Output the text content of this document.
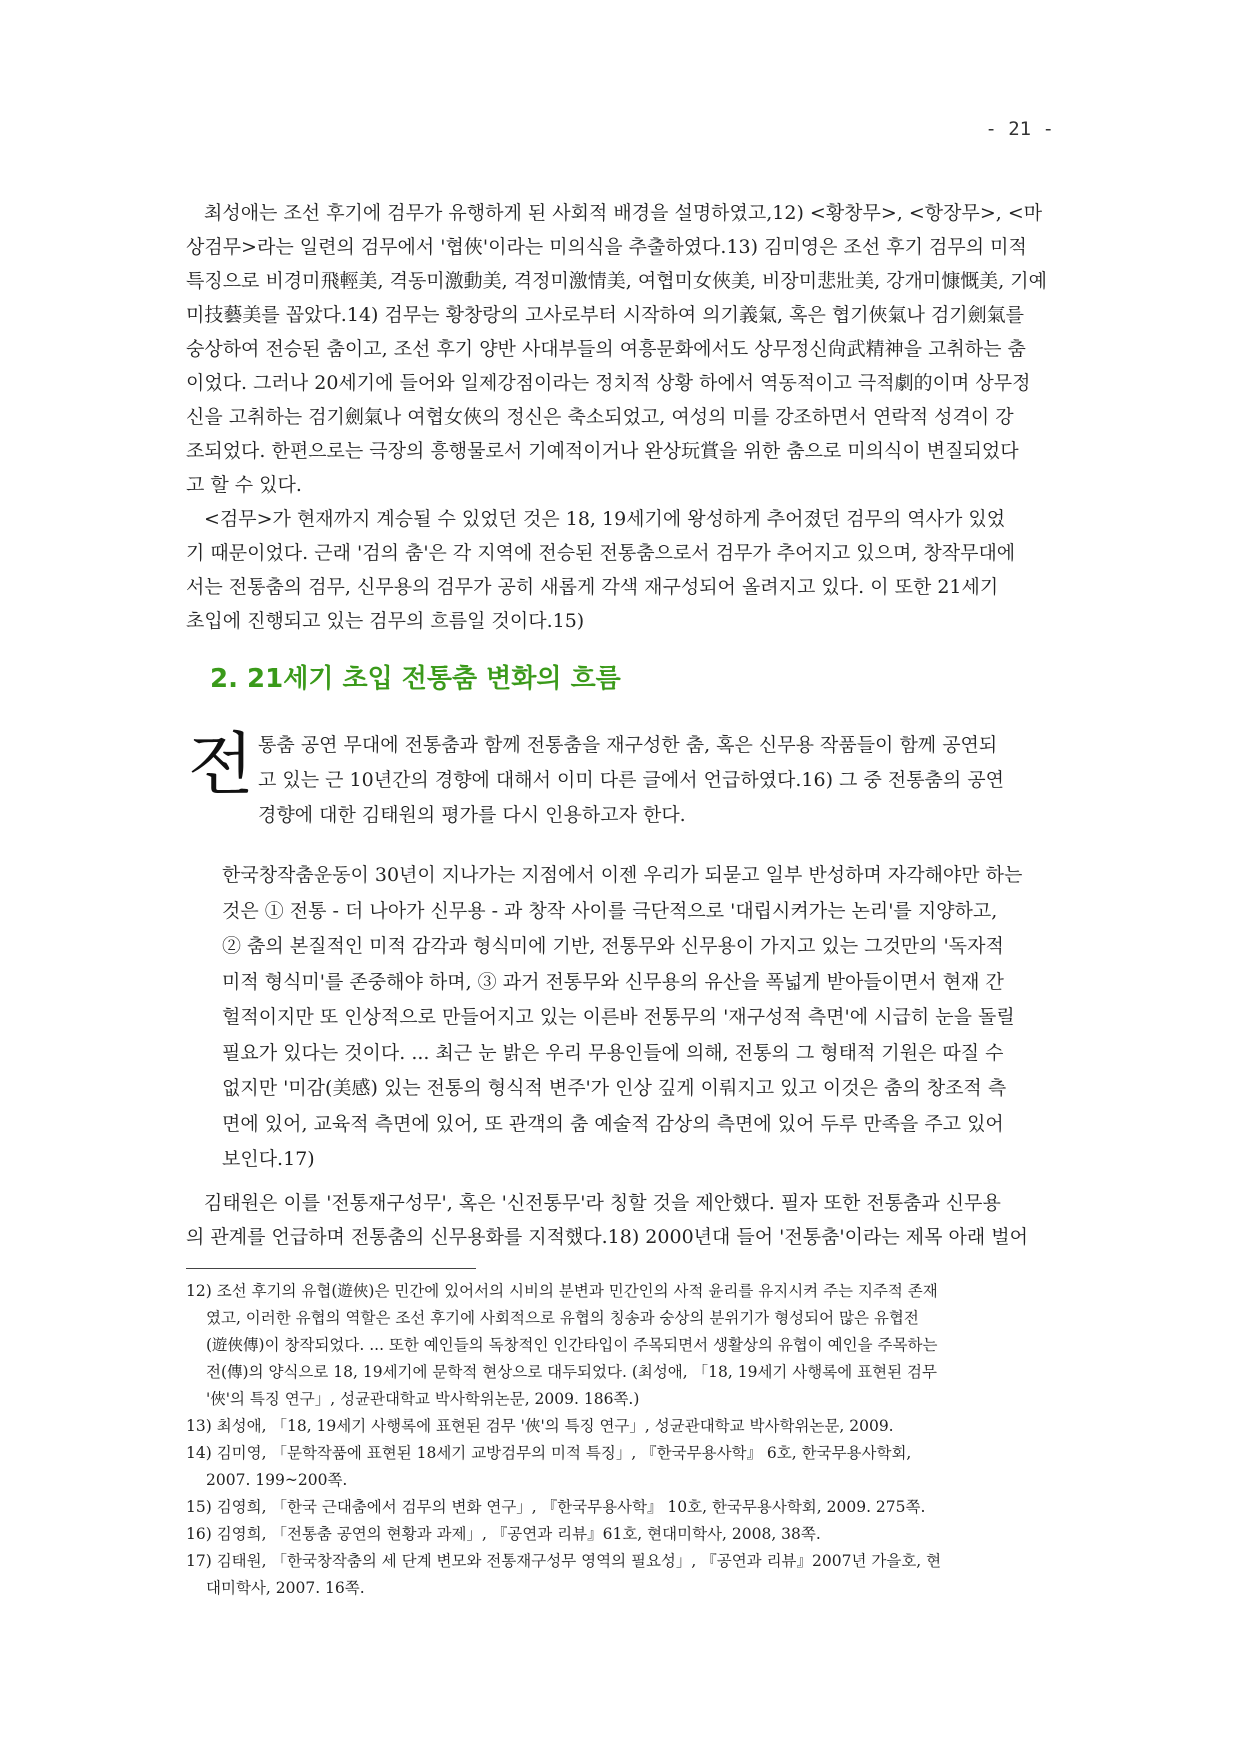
- 21 -
최성애는 조선 후기에 검무가 유행하게 된 사회적 배경을 설명하였고,12) <황창무>, <항장무>, <마
상검무>라는 일련의 검무에서 '협俠'이라는 미의식을 추출하였다.13) 김미영은 조선 후기 검무의 미적
특징으로 비경미飛輕美, 격동미激動美, 격정미激情美, 여협미女俠美, 비장미悲壯美, 강개미慷慨美, 기예
미技藝美를 꼽았다.14) 검무는 황창랑의 고사로부터 시작하여 의기義氣, 혹은 협기俠氣나 검기劍氣를
숭상하여 전승된 춤이고, 조선 후기 양반 사대부들의 여흥문화에서도 상무정신尙武精神을 고취하는 춤
이었다. 그러나 20세기에 들어와 일제강점이라는 정치적 상황 하에서 역동적이고 극적劇的이며 상무정
신을 고취하는 검기劍氣나 여협女俠의 정신은 축소되었고, 여성의 미를 강조하면서 연락적 성격이 강
조되었다. 한편으로는 극장의 흥행물로서 기예적이거나 완상玩賞을 위한 춤으로 미의식이 변질되었다
고 할 수 있다.
<검무>가 현재까지 계승될 수 있었던 것은 18, 19세기에 왕성하게 추어졌던 검무의 역사가 있었
기 때문이었다. 근래 '검의 춤'은 각 지역에 전승된 전통춤으로서 검무가 추어지고 있으며, 창작무대에
서는 전통춤의 검무, 신무용의 검무가 공히 새롭게 각색 재구성되어 올려지고 있다. 이 또한 21세기
초입에 진행되고 있는 검무의 흐름일 것이다.15)
2. 21세기 초입 전통춤 변화의 흐름
전 통춤 공연 무대에 전통춤과 함께 전통춤을 재구성한 춤, 혹은 신무용 작품들이 함께 공연되
고 있는 근 10년간의 경향에 대해서 이미 다른 글에서 언급하였다.16) 그 중 전통춤의 공연
경향에 대한 김태원의 평가를 다시 인용하고자 한다.
한국창작춤운동이 30년이 지나가는 지점에서 이젠 우리가 되묻고 일부 반성하며 자각해야만 하는
것은 ① 전통 - 더 나아가 신무용 - 과 창작 사이를 극단적으로 '대립시켜가는 논리'를 지양하고,
② 춤의 본질적인 미적 감각과 형식미에 기반, 전통무와 신무용이 가지고 있는 그것만의 '독자적
미적 형식미'를 존중해야 하며, ③ 과거 전통무와 신무용의 유산을 폭넓게 받아들이면서 현재 간
헐적이지만 또 인상적으로 만들어지고 있는 이른바 전통무의 '재구성적 측면'에 시급히 눈을 돌릴
필요가 있다는 것이다. ... 최근 눈 밝은 우리 무용인들에 의해, 전통의 그 형태적 기원은 따질 수
없지만 '미감(美感) 있는 전통의 형식적 변주'가 인상 깊게 이뤄지고 있고 이것은 춤의 창조적 측
면에 있어, 교육적 측면에 있어, 또 관객의 춤 예술적 감상의 측면에 있어 두루 만족을 주고 있어
보인다.17)
김태원은 이를 '전통재구성무', 혹은 '신전통무'라 칭할 것을 제안했다. 필자 또한 전통춤과 신무용
의 관계를 언급하며 전통춤의 신무용화를 지적했다.18) 2000년대 들어 '전통춤'이라는 제목 아래 벌어
12) 조선 후기의 유협(遊俠)은 민간에 있어서의 시비의 분변과 민간인의 사적 윤리를 유지시켜 주는 지주적 존재
였고, 이러한 유협의 역할은 조선 후기에 사회적으로 유협의 칭송과 숭상의 분위기가 형성되어 많은 유협전
(遊俠傳)이 창작되었다. ... 또한 예인들의 독창적인 인간타입이 주목되면서 생활상의 유협이 예인을 주목하는
전(傳)의 양식으로 18, 19세기에 문학적 현상으로 대두되었다. (최성애, 「18, 19세기 사행록에 표현된 검무
'俠'의 특징 연구」, 성균관대학교 박사학위논문, 2009. 186쪽.)
13) 최성애, 「18, 19세기 사행록에 표현된 검무 '俠'의 특징 연구」, 성균관대학교 박사학위논문, 2009.
14) 김미영, 「문학작품에 표현된 18세기 교방검무의 미적 특징」, 『한국무용사학』 6호, 한국무용사학회,
2007. 199~200쪽.
15) 김영희, 「한국 근대춤에서 검무의 변화 연구」, 『한국무용사학』 10호, 한국무용사학회, 2009. 275쪽.
16) 김영희, 「전통춤 공연의 현황과 과제」, 『공연과 리뷰』61호, 현대미학사, 2008, 38쪽.
17) 김태원, 「한국창작춤의 세 단계 변모와 전통재구성무 영역의 필요성」, 『공연과 리뷰』2007년 가을호, 현
대미학사, 2007. 16쪽.
